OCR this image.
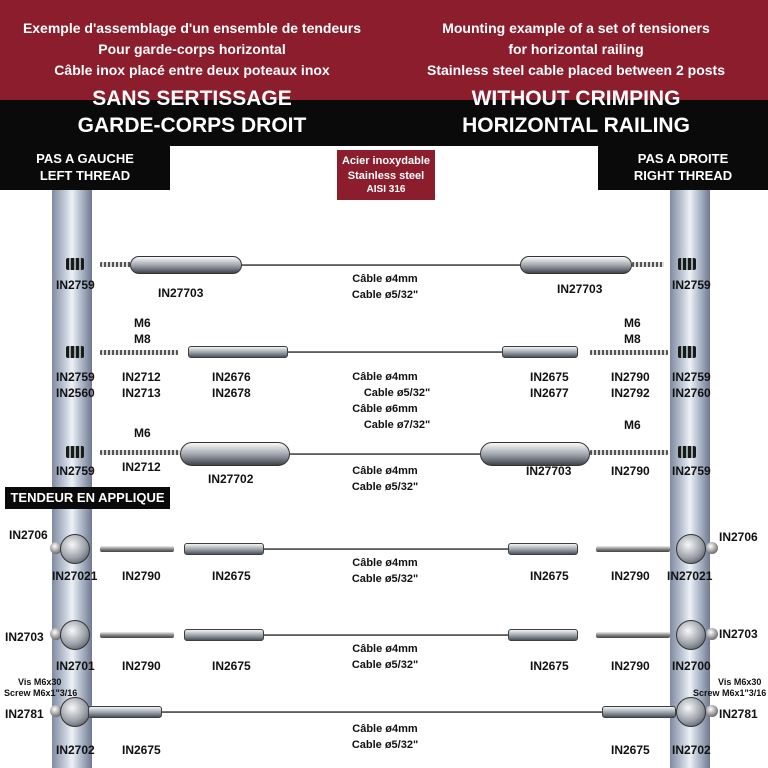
Exemple d'assemblage d'un ensemble de tendeurs
Pour garde-corps horizontal
Câble inox placé entre deux poteaux inox
Mounting example of a set of tensioners
for horizontal railing
Stainless steel cable placed between 2 posts
SANS SERTISSAGE
GARDE-CORPS DROIT
WITHOUT CRIMPING
HORIZONTAL RAILING
PAS A GAUCHE
LEFT THREAD
PAS A DROITE
RIGHT THREAD
Acier inoxydable
Stainless steel
AISI 316
IN2759
IN27703
Câble ø4mm
Cable ø5/32"	IN27703	IN2759
M6
M8
M6
M8
IN2759
IN2560
IN2712
IN2713
IN2676
IN2678
Câble ø4mm
Cable ø5/32"
Câble ø6mm
Cable ø7/32"
IN2675
IN2677
IN2790
IN2792
IN2759
IN2760
M6
M6
IN2759 IN2712
IN27702
Câble ø4mm
Cable ø5/32"
IN27703	IN2790 IN2759
TENDEUR EN APPLIQUE
IN2706
IN27021 IN2790	IN2675
Câble ø4mm
Cable ø5/32"	IN2675	IN2790 IN27021
IN2706
IN2703
IN2701 IN2790	IN2675
Câble ø4mm
Cable ø5/32"	IN2675	IN2790 IN2700
IN2703
Vis M6x30
Screw M6x1"3/16
IN2781
IN2702 IN2675
Câble ø4mm
Cable ø5/32"	IN2675 IN2702
Vis M6x30
Screw M6x1"3/16
IN2781
